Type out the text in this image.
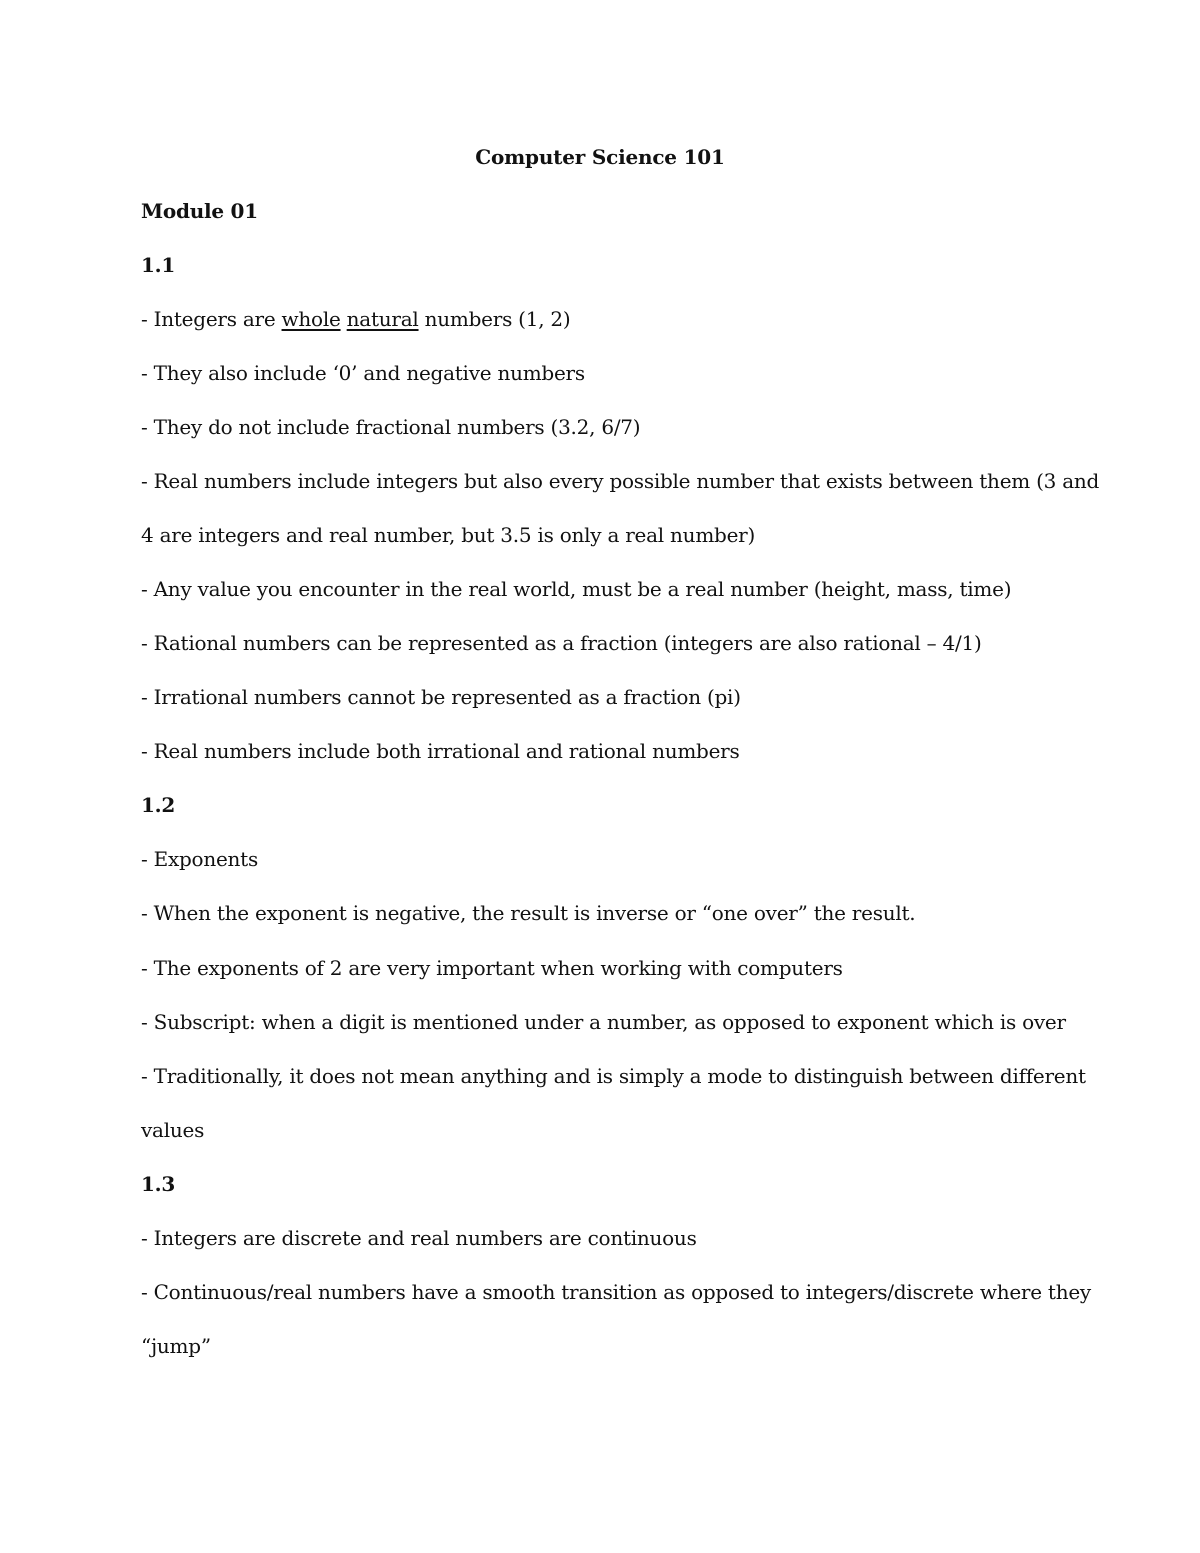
Computer Science 101
Module 01
1.1
- Integers are whole natural numbers (1, 2)
- They also include ‘0’ and negative numbers
- They do not include fractional numbers (3.2, 6/7)
- Real numbers include integers but also every possible number that exists between them (3 and
4 are integers and real number, but 3.5 is only a real number)
- Any value you encounter in the real world, must be a real number (height, mass, time)
- Rational numbers can be represented as a fraction (integers are also rational – 4/1)
- Irrational numbers cannot be represented as a fraction (pi)
- Real numbers include both irrational and rational numbers
1.2
- Exponents
- When the exponent is negative, the result is inverse or “one over” the result.
- The exponents of 2 are very important when working with computers
- Subscript: when a digit is mentioned under a number, as opposed to exponent which is over
- Traditionally, it does not mean anything and is simply a mode to distinguish between different
values
1.3
- Integers are discrete and real numbers are continuous
- Continuous/real numbers have a smooth transition as opposed to integers/discrete where they
“jump”
